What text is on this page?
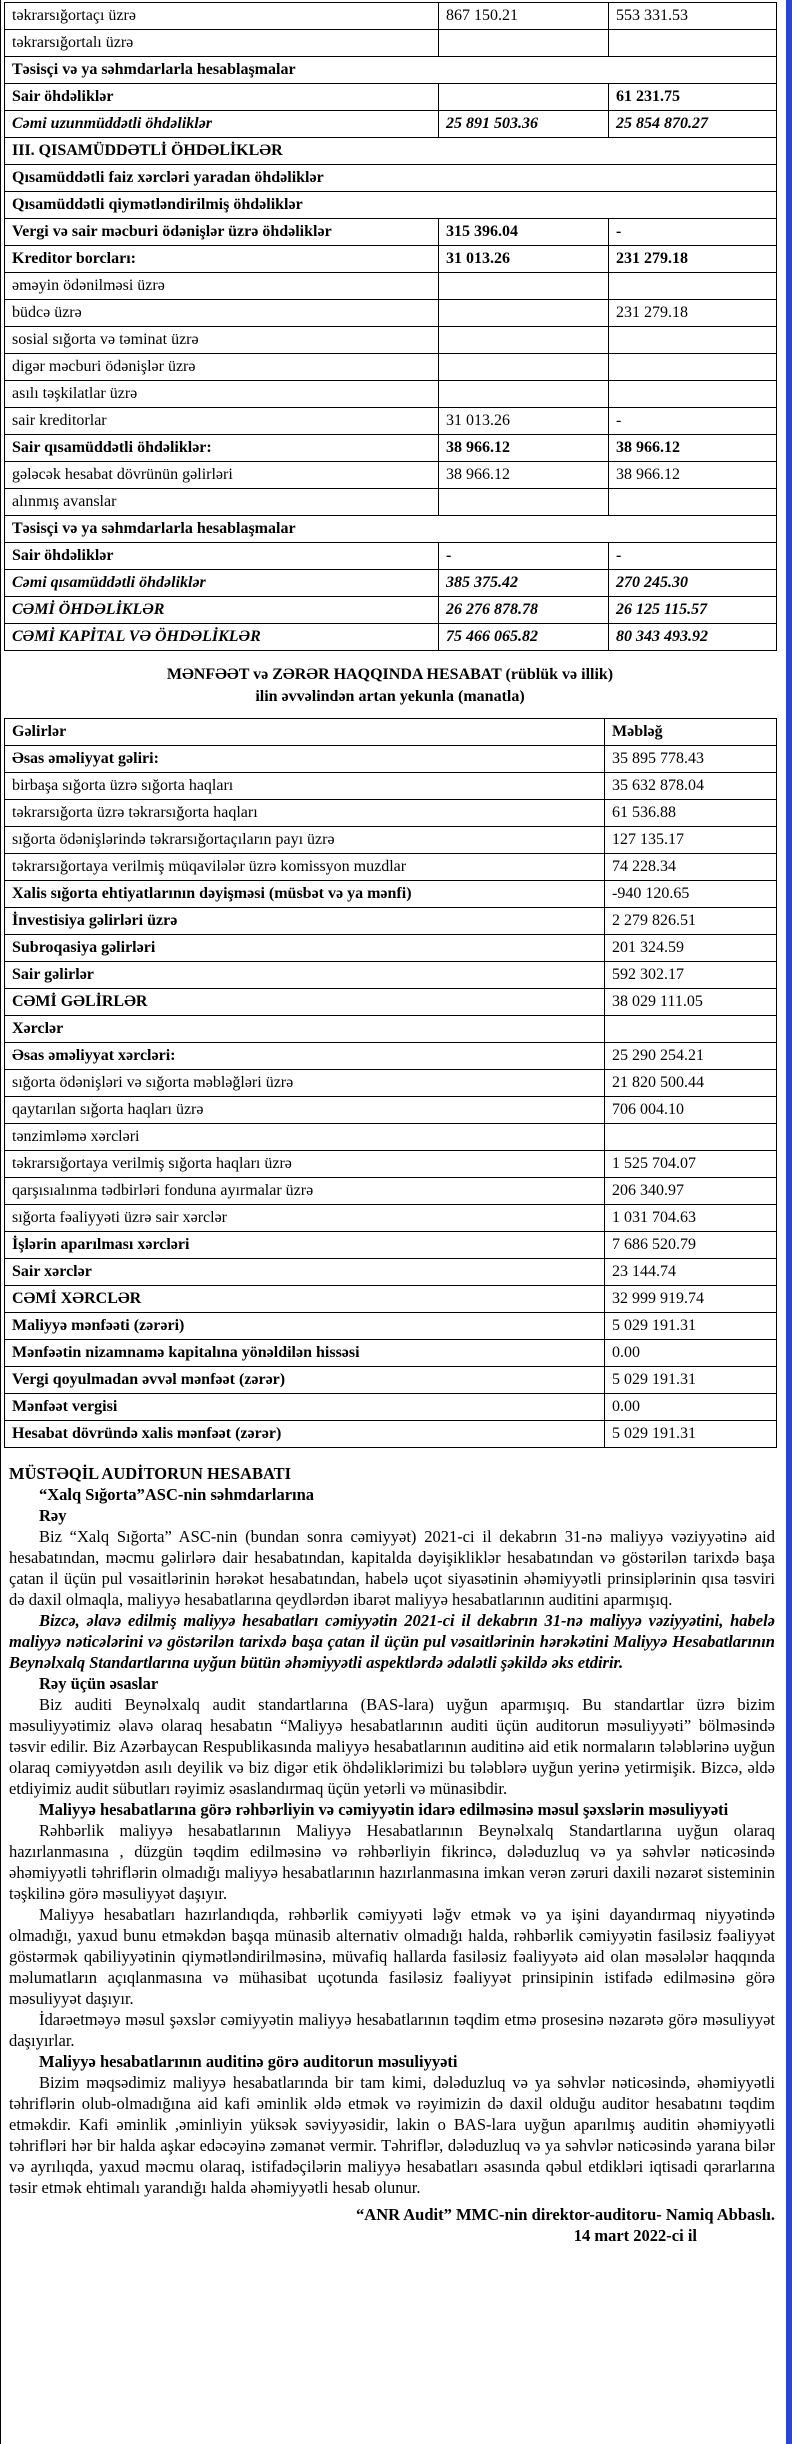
təkrarsığortaçı üzrə	867 150.21	553 331.53
təkrarsığortalı üzrə		
Təsisçi və ya səhmdarlarla hesablaşmalar		
Sair öhdəliklər		61 231.75
Cəmi uzunmüddətli öhdəliklər	25 891 503.36	25 854 870.27
III. QISAMÜDDƏTLİ ÖHDƏLİKLƏR		
Qısamüddətli faiz xərcləri yaradan öhdəliklər		
Qısamüddətli qiymətləndirilmiş öhdəliklər		
Vergi və sair məcburi ödənişlər üzrə öhdəliklər	315 396.04	-
Kreditor borcları:	31 013.26	231 279.18
əməyin ödənilməsi üzrə		
büdcə üzrə		231 279.18
sosial sığorta və təminat üzrə		
digər məcburi ödənişlər üzrə		
asılı təşkilatlar üzrə		
sair kreditorlar	31 013.26	-
Sair qısamüddətli öhdəliklər:	38 966.12	38 966.12
gələcək hesabat dövrünün gəlirləri	38 966.12	38 966.12
alınmış avanslar		
Təsisçi və ya səhmdarlarla hesablaşmalar		
Sair öhdəliklər	-	-
Cəmi qısamüddətli öhdəliklər	385 375.42	270 245.30
CƏMİ ÖHDƏLİKLƏR	26 276 878.78	26 125 115.57
CƏMİ KAPİTAL VƏ ÖHDƏLİKLƏR	75 466 065.82	80 343 493.92
MƏNFƏƏT və ZƏRƏR HAQQINDA HESABAT (rüblük və illik)
ilin əvvəlindən artan yekunla (manatla)
Gəlirlər	Məbləğ
Əsas əməliyyat gəliri:	35 895 778.43
birbaşa sığorta üzrə sığorta haqları	35 632 878.04
təkrarsığorta üzrə təkrarsığorta haqları	61 536.88
sığorta ödənişlərində təkrarsığortaçıların payı üzrə	127 135.17
təkrarsığortaya verilmiş müqavilələr üzrə komissyon muzdlar	74 228.34
Xalis sığorta ehtiyatlarının dəyişməsi (müsbət və ya mənfi)	-940 120.65
İnvestisiya gəlirləri üzrə	2 279 826.51
Subroqasiya gəlirləri	201 324.59
Sair gəlirlər	592 302.17
CƏMİ GƏLİRLƏR	38 029 111.05
Xərclər	
Əsas əməliyyat xərcləri:	25 290 254.21
sığorta ödənişləri və sığorta məbləğləri üzrə	21 820 500.44
qaytarılan sığorta haqları üzrə	706 004.10
tənzimləmə xərcləri	
təkrarsığortaya verilmiş sığorta haqları üzrə	1 525 704.07
qarşısıalınma tədbirləri fonduna ayırmalar üzrə	206 340.97
sığorta fəaliyyəti üzrə sair xərclər	1 031 704.63
İşlərin aparılması xərcləri	7 686 520.79
Sair xərclər	23 144.74
CƏMİ XƏRCLƏR	32 999 919.74
Maliyyə mənfəəti (zərəri)	5 029 191.31
Mənfəətin nizamnamə kapitalına yönəldilən hissəsi	0.00
Vergi qoyulmadan əvvəl mənfəət (zərər)	5 029 191.31
Mənfəət vergisi	0.00
Hesabat dövründə xalis mənfəət (zərər)	5 029 191.31
MÜSTƏQİL AUDİTORUN HESABATI
“Xalq Sığorta”ASC-nin səhmdarlarına
Rəy
Biz “Xalq Sığorta” ASC-nin (bundan sonra cəmiyyət) 2021-ci il dekabrın 31-nə maliyyə vəziyyətinə aid hesabatından, məcmu gəlirlərə dair hesabatından, kapitalda dəyişikliklər hesabatından və göstərilən tarixdə başa çatan il üçün pul vəsaitlərinin hərəkət hesabatından, habelə uçot siyasətinin əhəmiyyətli prinsiplərinin qısa təsviri də daxil olmaqla, maliyyə hesabatlarına qeydlərdən ibarət maliyyə hesabatlarının auditini aparmışıq.
Bizcə, əlavə edilmiş maliyyə hesabatları cəmiyyətin 2021-ci il dekabrın 31-nə maliyyə vəziyyətini, habelə maliyyə nəticələrini və göstərilən tarixdə başa çatan il üçün pul vəsaitlərinin hərəkətini Maliyyə Hesabatlarının Beynəlxalq Standartlarına uyğun bütün əhəmiyyətli aspektlərdə ədalətli şəkildə əks etdirir.
Rəy üçün əsaslar
Biz auditi Beynəlxalq audit standartlarına (BAS-lara) uyğun aparmışıq. Bu standartlar üzrə bizim məsuliyyətimiz əlavə olaraq hesabatın “Maliyyə hesabatlarının auditi üçün auditorun məsuliyyəti” bölməsində təsvir edilir. Biz Azərbaycan Respublikasında maliyyə hesabatlarının auditinə aid etik normaların tələblərinə uyğun olaraq cəmiyyətdən asılı deyilik və biz digər etik öhdəliklərimizi bu tələblərə uyğun yerinə yetirmişik. Bizcə, əldə etdiyimiz audit sübutları rəyimiz əsaslandırmaq üçün yetərli və münasibdir.
Maliyyə hesabatlarına görə rəhbərliyin və cəmiyyətin idarə edilməsinə məsul şəxslərin məsuliyyəti
Rəhbərlik maliyyə hesabatlarının Maliyyə Hesabatlarının Beynəlxalq Standartlarına uyğun olaraq hazırlanmasına , düzgün təqdim edilməsinə və rəhbərliyin fikrincə, dələduzluq və ya səhvlər nəticəsində əhəmiyyətli təhriflərin olmadığı maliyyə hesabatlarının hazırlanmasına imkan verən zəruri daxili nəzarət sisteminin təşkilinə görə məsuliyyət daşıyır.
Maliyyə hesabatları hazırlandıqda, rəhbərlik cəmiyyəti ləğv etmək və ya işini dayandırmaq niyyətində olmadığı, yaxud bunu etməkdən başqa münasib alternativ olmadığı halda, rəhbərlik cəmiyyətin fasiləsiz fəaliyyət göstərmək qabiliyyətinin qiymətləndirilməsinə, müvafiq hallarda fasiləsiz fəaliyyətə aid olan məsələlər haqqında məlumatların açıqlanmasına və mühasibat uçotunda fasiləsiz fəaliyyət prinsipinin istifadə edilməsinə görə məsuliyyət daşıyır.
İdarəetməyə məsul şəxslər cəmiyyətin maliyyə hesabatlarının təqdim etmə prosesinə nəzarətə görə məsuliyyət daşıyırlar.
Maliyyə hesabatlarının auditinə görə auditorun məsuliyyəti
Bizim məqsədimiz maliyyə hesabatlarında bir tam kimi, dələduzluq və ya səhvlər nəticəsində, əhəmiyyətli təhriflərin olub-olmadığına aid kafi əminlik əldə etmək və rəyimizin də daxil olduğu auditor hesabatını təqdim etməkdir. Kafi əminlik ,əminliyin yüksək səviyyəsidir, lakin o BAS-lara uyğun aparılmış auditin əhəmiyyətli təhrifləri hər bir halda aşkar edəcəyinə zəmanət vermir. Təhriflər, dələduzluq və ya səhvlər nəticəsində yarana bilər və ayrılıqda, yaxud məcmu olaraq, istifadəçilərin maliyyə hesabatları əsasında qəbul etdikləri iqtisadi qərarlarına təsir etmək ehtimalı yarandığı halda əhəmiyyətli hesab olunur.
“ANR Audit” MMC-nin direktor-auditoru- Namiq Abbaslı.
14 mart 2022-ci il
